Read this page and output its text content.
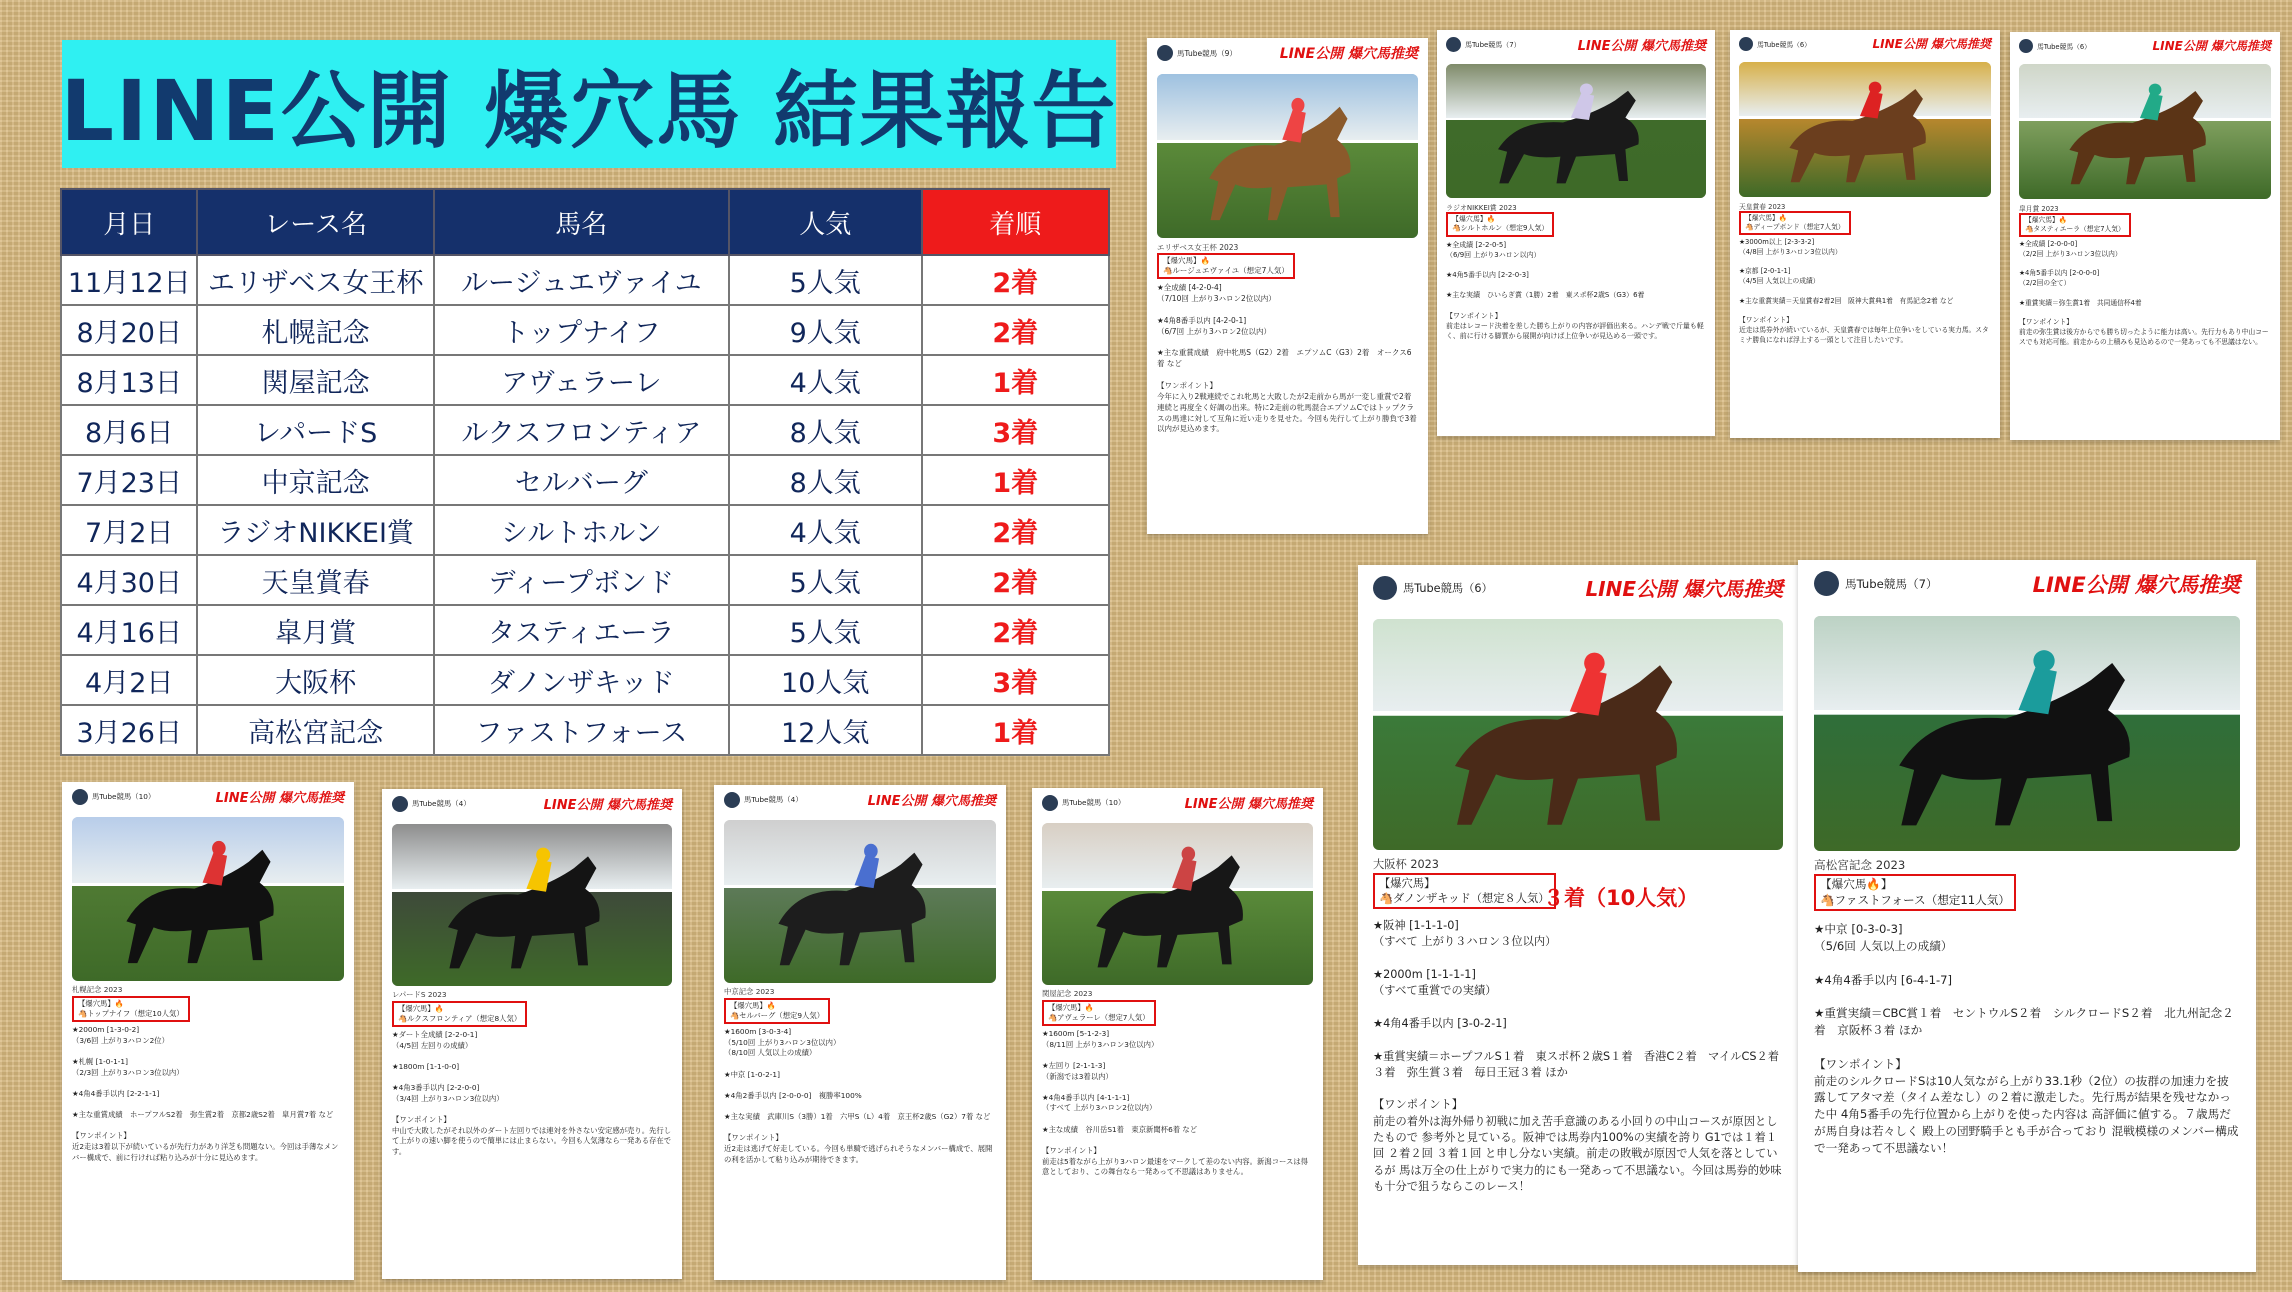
LINE公開 爆穴馬 結果報告
月日	レース名	馬名	人気	着順
11月12日	エリザベス女王杯	ルージュエヴァイユ	5人気	2着
8月20日	札幌記念	トップナイフ	9人気	2着
8月13日	関屋記念	アヴェラーレ	4人気	1着
8月6日	レパードS	ルクスフロンティア	8人気	3着
7月23日	中京記念	セルバーグ	8人気	1着
7月2日	ラジオNIKKEI賞	シルトホルン	4人気	2着
4月30日	天皇賞春	ディープボンド	5人気	2着
4月16日	皐月賞	タスティエーラ	5人気	2着
4月2日	大阪杯	ダノンザキッド	10人気	3着
3月26日	高松宮記念	ファストフォース	12人気	1着
馬Tube競馬（9）	LINE公開 爆穴馬推奨
エリザベス女王杯 2023
【爆穴馬】🔥
🐴ルージュエヴァイユ（想定7人気）
★全成績 [4-2-0-4]
（7/10回 上がり3ハロン2位以内）

★4角8番手以内 [4-2-0-1]
（6/7回 上がり3ハロン2位以内）

★主な重賞成績　府中牝馬S（G2）2着　エプソムC（G3）2着　オークス6着 など

【ワンポイント】
今年に入り2戦連続でこれ牝馬と大敗したが2走前から馬が一変し重賞で2着連続と再度全く好調の出来。特に2走前の牝馬混合エプソムCではトップクラスの馬達に対して互角に近い走りを見せた。今回も先行して上がり勝負で3着以内が見込めます。
馬Tube競馬（7）	LINE公開 爆穴馬推奨
ラジオNIKKEI賞 2023
【爆穴馬】🔥
🐴シルトホルン（想定9人気）
★全成績 [2-2-0-5]
（6/9回 上がり3ハロン以内）

★4角5番手以内 [2-2-0-3]

★主な実績　ひいらぎ賞（1勝）2着　東スポ杯2歳S（G3）6着

【ワンポイント】
前走はレコード決着を差した勝ち上がりの内容が評価出来る。ハンデ戦で斤量も軽く、前に行ける脚質から展開が向けば上位争いが見込める一頭です。
馬Tube競馬（6）	LINE公開 爆穴馬推奨
天皇賞春 2023
【爆穴馬】🔥
🐴ディープボンド（想定7人気）
★3000m以上 [2-3-3-2]
（4/8回 上がり3ハロン3位以内）

★京都 [2-0-1-1]
（4/5回 人気以上の成績）

★主な重賞実績＝天皇賞春2着2回　阪神大賞典1着　有馬記念2着 など

【ワンポイント】
近走は馬券外が続いているが、天皇賞春では毎年上位争いをしている実力馬。スタミナ勝負になれば浮上する一頭として注目したいです。
馬Tube競馬（6）	LINE公開 爆穴馬推奨
皐月賞 2023
【爆穴馬】🔥
🐴タスティエーラ（想定7人気）
★全成績 [2-0-0-0]
（2/2回 上がり3ハロン3位以内）

★4角5番手以内 [2-0-0-0]
（2/2回の全て）

★重賞実績＝弥生賞1着　共同通信杯4着

【ワンポイント】
前走の弥生賞は後方からでも勝ち切ったように能力は高い。先行力もあり中山コースでも対応可能。前走からの上積みも見込めるので一発あっても不思議はない。
馬Tube競馬（6）	LINE公開 爆穴馬推奨
大阪杯 2023
【爆穴馬】
🐴ダノンザキッド（想定８人気）
３着（10人気）
★阪神 [1-1-1-0]
（すべて 上がり３ハロン３位以内）

★2000m [1-1-1-1]
（すべて重賞での実績）

★4角4番手以内 [3-0-2-1]

★重賞実績＝ホープフルS１着　東スポ杯２歳S１着　香港C２着　マイルCS２着３着　弥生賞３着　毎日王冠３着 ほか

【ワンポイント】
前走の着外は海外帰り初戦に加え苦手意識のある小回りの中山コースが原因としたもので 参考外と見ている。阪神では馬券内100%の実績を誇り G1では１着１回 ２着２回 ３着１回 と申し分ない実績。前走の敗戦が原因で人気を落としているが 馬は万全の仕上がりで実力的にも一発あって不思議ない。今回は馬券的妙味も十分で狙うならこのレース！
馬Tube競馬（7）	LINE公開 爆穴馬推奨
高松宮記念 2023
【爆穴馬🔥】
🐴ファストフォース（想定11人気）
★中京 [0-3-0-3]
（5/6回 人気以上の成績）

★4角4番手以内 [6-4-1-7]

★重賞実績＝CBC賞１着　セントウルS２着　シルクロードS２着　北九州記念２着　京阪杯３着 ほか

【ワンポイント】
前走のシルクロードSは10人気ながら上がり33.1秒（2位）の抜群の加速力を披露してアタマ差（タイム差なし）の２着に激走した。先行馬が結果を残せなかった中 4角5番手の先行位置から上がりを使った内容は 高評価に値する。７歳馬だが馬自身は若々しく 殿上の団野騎手とも手が合っており 混戦模様のメンバー構成で一発あって不思議ない！
馬Tube競馬（10）	LINE公開 爆穴馬推奨
札幌記念 2023
【爆穴馬】🔥
🐴トップナイフ（想定10人気）
★2000m [1-3-0-2]
（3/6回 上がり3ハロン2位）

★札幌 [1-0-1-1]
（2/3回 上がり3ハロン3位以内）

★4角4番手以内 [2-2-1-1]

★主な重賞成績　ホープフルS2着　弥生賞2着　京都2歳S2着　皐月賞7着 など

【ワンポイント】
近2走は3着以下が続いているが先行力があり洋芝も問題ない。今回は手薄なメンバー構成で、前に行ければ粘り込みが十分に見込めます。
馬Tube競馬（4）	LINE公開 爆穴馬推奨
レパードS 2023
【爆穴馬】🔥
🐴ルクスフロンティア（想定8人気）
★ダート全成績 [2-2-0-1]
（4/5回 左回りの成績）

★1800m [1-1-0-0]

★4角3番手以内 [2-2-0-0]
（3/4回 上がり3ハロン3位以内）

【ワンポイント】
中山で大敗したがそれ以外のダート左回りでは連対を外さない安定感が売り。先行して上がりの速い脚を使うので簡単には止まらない。今回も人気薄なら一発ある存在です。
馬Tube競馬（4）	LINE公開 爆穴馬推奨
中京記念 2023
【爆穴馬】🔥
🐴セルバーグ（想定9人気）
★1600m [3-0-3-4]
（5/10回 上がり3ハロン3位以内）
（8/10回 人気以上の成績）

★中京 [1-0-2-1]

★4角2番手以内 [2-0-0-0]　複勝率100%

★主な実績　武庫川S（3勝）1着　六甲S（L）4着　京王杯2歳S（G2）7着 など

【ワンポイント】
近2走は逃げて好走している。今回も単騎で逃げられそうなメンバー構成で、展開の利を活かして粘り込みが期待できます。
馬Tube競馬（10）	LINE公開 爆穴馬推奨
関屋記念 2023
【爆穴馬】🔥
🐴アヴェラーレ（想定7人気）
★1600m [5-1-2-3]
（8/11回 上がり3ハロン3位以内）

★左回り [2-1-1-3]
（新潟では3着以内）

★4角4番手以内 [4-1-1-1]
（すべて 上がり3ハロン2位以内）

★主な成績　谷川岳S1着　東京新聞杯6着 など

【ワンポイント】
前走は5着ながら上がり3ハロン最速をマークして差のない内容。新潟コースは得意としており、この舞台なら一発あって不思議はありません。
